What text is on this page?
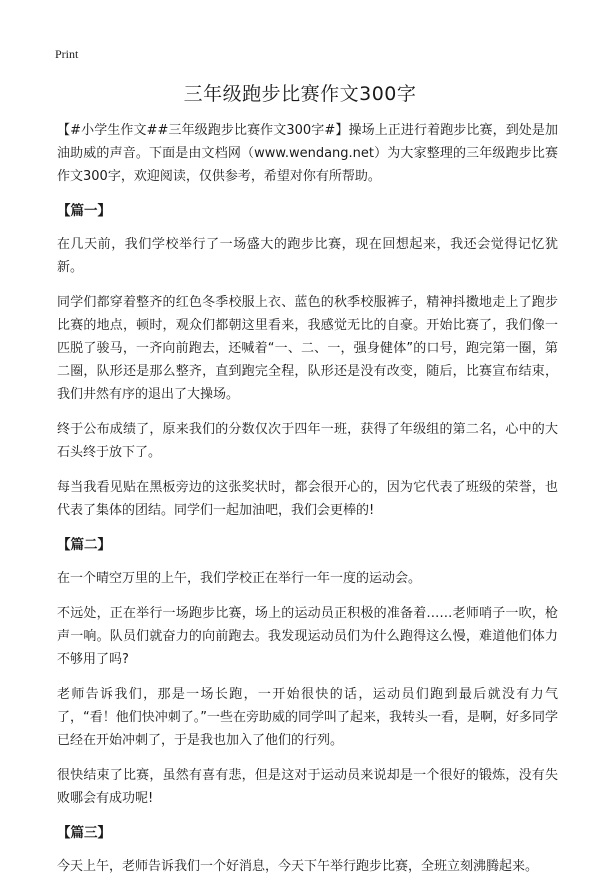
Print
三年级跑步比赛作文300字

【#小学生作文##三年级跑步比赛作文300字#】操场上正进行着跑步比赛，到处是加油助威的声音。下面是由文档网（www.wendang.net）为大家整理的三年级跑步比赛作文300字，欢迎阅读，仅供参考，希望对你有所帮助。

【篇一】

在几天前，我们学校举行了一场盛大的跑步比赛，现在回想起来，我还会觉得记忆犹新。

同学们都穿着整齐的红色冬季校服上衣、蓝色的秋季校服裤子，精神抖擞地走上了跑步比赛的地点，顿时，观众们都朝这里看来，我感觉无比的自豪。开始比赛了，我们像一匹脱了骏马，一齐向前跑去，还喊着“一、二、一，强身健体”的口号，跑完第一圈，第二圈，队形还是那么整齐，直到跑完全程，队形还是没有改变，随后，比赛宣布结束，我们井然有序的退出了大操场。

终于公布成绩了，原来我们的分数仅次于四年一班，获得了年级组的第二名，心中的大石头终于放下了。

每当我看见贴在黑板旁边的这张奖状时，都会很开心的，因为它代表了班级的荣誉，也代表了集体的团结。同学们一起加油吧，我们会更棒的!

【篇二】

在一个晴空万里的上午，我们学校正在举行一年一度的运动会。

不远处，正在举行一场跑步比赛，场上的运动员正积极的准备着……老师哨子一吹，枪声一响。队员们就奋力的向前跑去。我发现运动员们为什么跑得这么慢，难道他们体力不够用了吗?

老师告诉我们，那是一场长跑，一开始很快的话，运动员们跑到最后就没有力气了，“看！他们快冲刺了。”一些在旁助威的同学叫了起来，我转头一看，是啊，好多同学已经在开始冲刺了，于是我也加入了他们的行列。

很快结束了比赛，虽然有喜有悲，但是这对于运动员来说却是一个很好的锻炼，没有失败哪会有成功呢!

【篇三】

今天上午，老师告诉我们一个好消息，今天下午举行跑步比赛，全班立刻沸腾起来。
